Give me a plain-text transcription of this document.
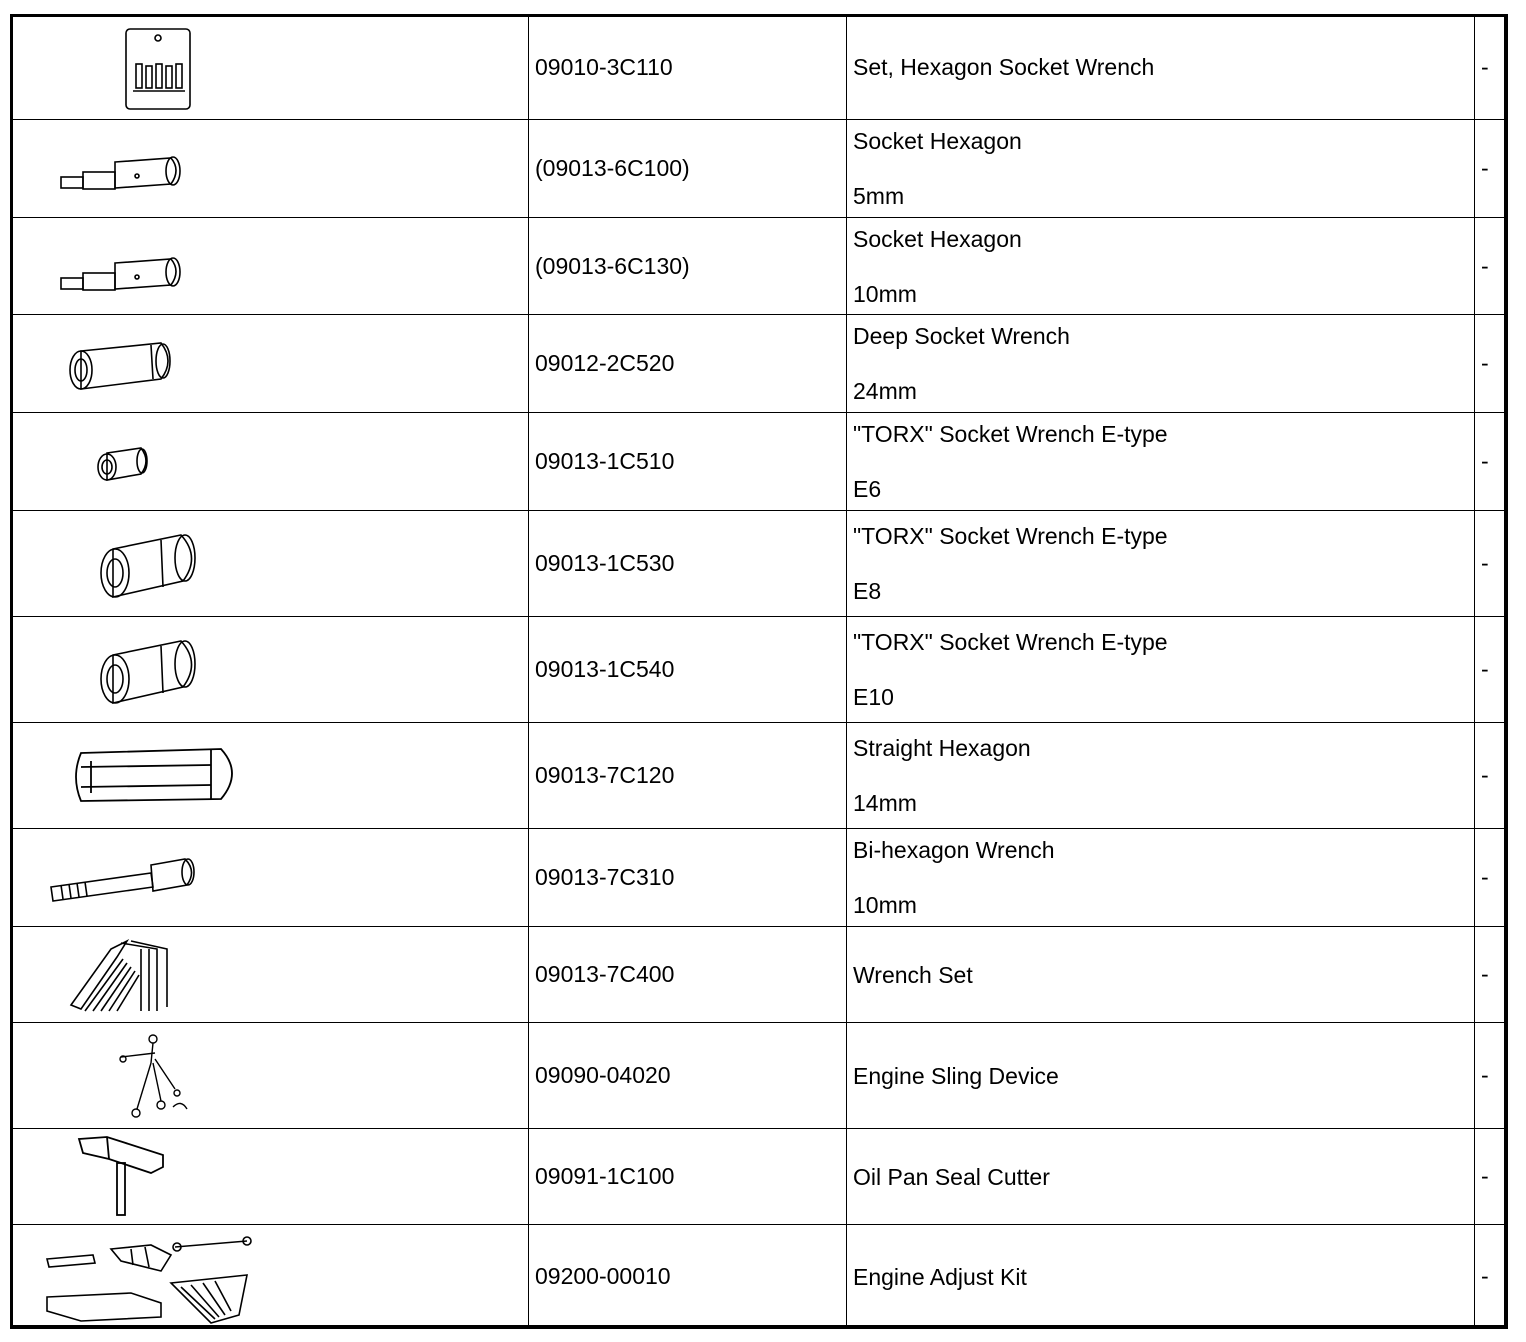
	09010-3C110	Set, Hexagon Socket Wrench	-

	(09013-6C100)	Socket Hexagon
5mm	-

	(09013-6C130)	Socket Hexagon
10mm	-

	09012-2C520	Deep Socket Wrench
24mm	-

	09013-1C510	"TORX" Socket Wrench E-type
E6	-

	09013-1C530	"TORX" Socket Wrench E-type
E8	-

	09013-1C540	"TORX" Socket Wrench E-type
E10	-

	09013-7C120	Straight Hexagon
14mm	-

	09013-7C310	Bi-hexagon Wrench
10mm	-

	09013-7C400	Wrench Set	-

	09090-04020	Engine Sling Device	-

	09091-1C100	Oil Pan Seal Cutter	-

	09200-00010	Engine Adjust Kit	-
